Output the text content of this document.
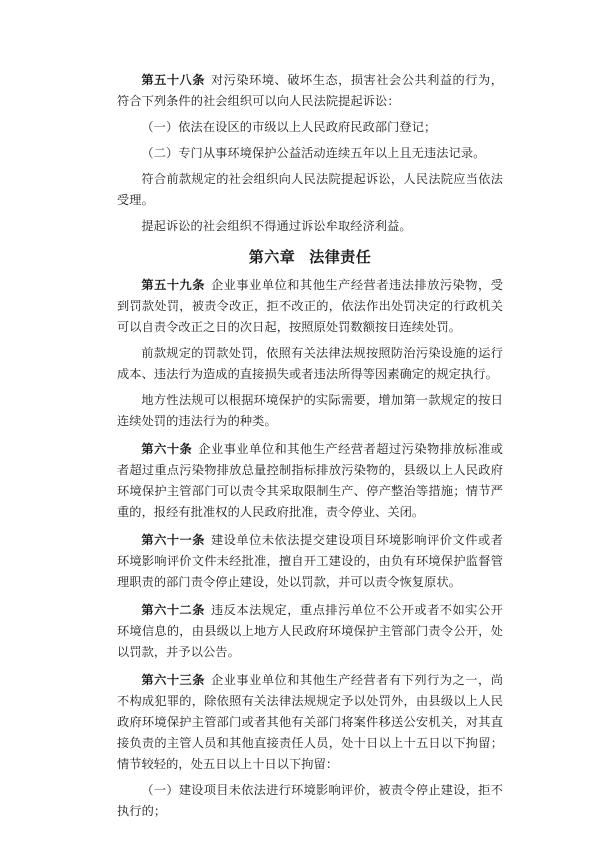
第五十八条 对污染环境、破坏生态，损害社会公共利益的行为，符合下列条件的社会组织可以向人民法院提起诉讼：

（一）依法在设区的市级以上人民政府民政部门登记；

（二）专门从事环境保护公益活动连续五年以上且无违法记录。

符合前款规定的社会组织向人民法院提起诉讼，人民法院应当依法受理。

提起诉讼的社会组织不得通过诉讼牟取经济利益。

第六章 法律责任

第五十九条 企业事业单位和其他生产经营者违法排放污染物，受到罚款处罚，被责令改正，拒不改正的，依法作出处罚决定的行政机关可以自责令改正之日的次日起，按照原处罚数额按日连续处罚。

前款规定的罚款处罚，依照有关法律法规按照防治污染设施的运行成本、违法行为造成的直接损失或者违法所得等因素确定的规定执行。

地方性法规可以根据环境保护的实际需要，增加第一款规定的按日连续处罚的违法行为的种类。

第六十条 企业事业单位和其他生产经营者超过污染物排放标准或者超过重点污染物排放总量控制指标排放污染物的，县级以上人民政府环境保护主管部门可以责令其采取限制生产、停产整治等措施；情节严重的，报经有批准权的人民政府批准，责令停业、关闭。

第六十一条 建设单位未依法提交建设项目环境影响评价文件或者环境影响评价文件未经批准，擅自开工建设的，由负有环境保护监督管理职责的部门责令停止建设，处以罚款，并可以责令恢复原状。

第六十二条 违反本法规定，重点排污单位不公开或者不如实公开环境信息的，由县级以上地方人民政府环境保护主管部门责令公开，处以罚款，并予以公告。

第六十三条 企业事业单位和其他生产经营者有下列行为之一，尚不构成犯罪的，除依照有关法律法规规定予以处罚外，由县级以上人民政府环境保护主管部门或者其他有关部门将案件移送公安机关，对其直接负责的主管人员和其他直接责任人员，处十日以上十五日以下拘留；情节较轻的，处五日以上十日以下拘留：

（一）建设项目未依法进行环境影响评价，被责令停止建设，拒不执行的；
